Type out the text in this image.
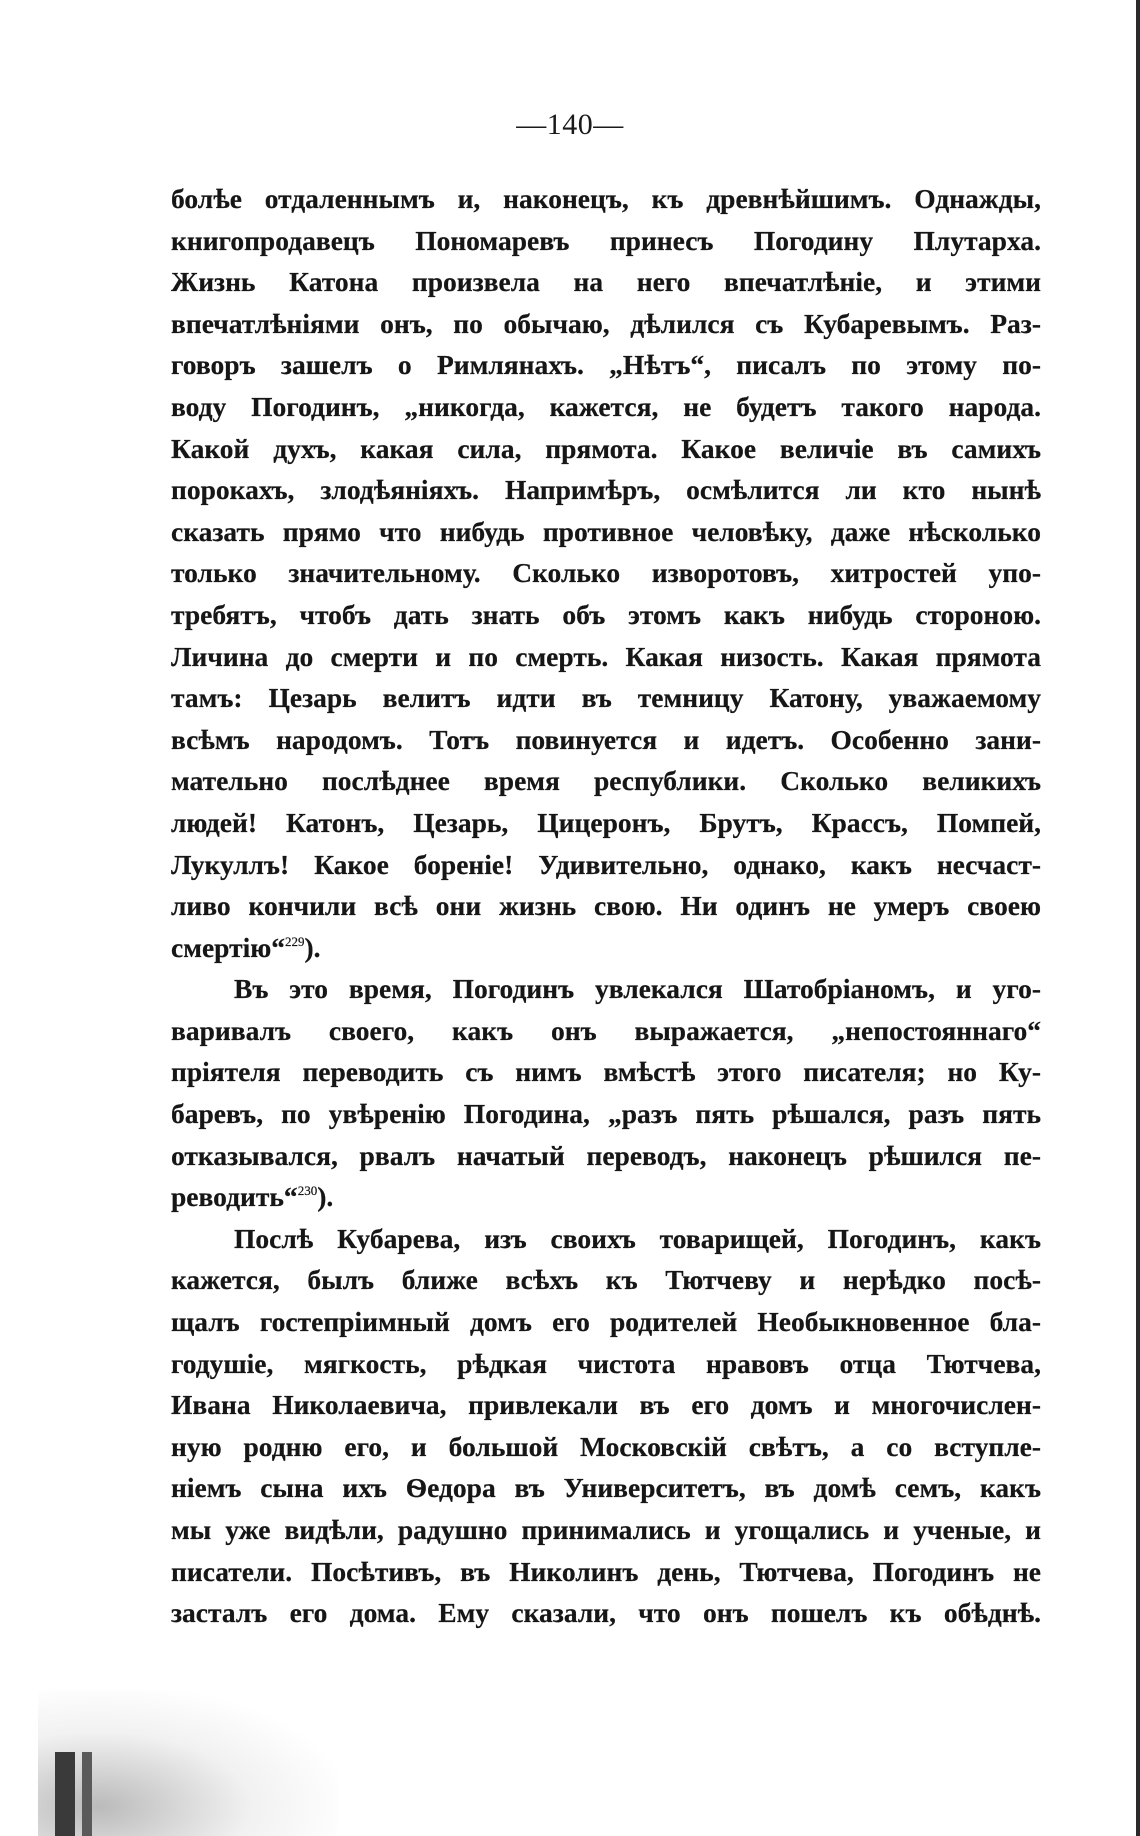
—140—
болѣе отдаленнымъ и, наконецъ, къ древнѣйшимъ. Однажды,
книгопродавецъ Пономаревъ принесъ Погодину Плутарха.
Жизнь Катона произвела на него впечатлѣніе, и этими
впечатлѣніями онъ, по обычаю, дѣлился съ Кубаревымъ. Раз-
говоръ зашелъ о Римлянахъ. „Нѣтъ“, писалъ по этому по-
воду Погодинъ, „никогда, кажется, не будетъ такого народа.
Какой духъ, какая сила, прямота. Какое величіе въ самихъ
порокахъ, злодѣяніяхъ. Напримѣръ, осмѣлится ли кто нынѣ
сказать прямо что нибудь противное человѣку, даже нѣсколько
только значительному. Сколько изворотовъ, хитростей упо-
требятъ, чтобъ дать знать объ этомъ какъ нибудь стороною.
Личина до смерти и по смерть. Какая низость. Какая прямота
тамъ: Цезарь велитъ идти въ темницу Катону, уважаемому
всѣмъ народомъ. Тотъ повинуется и идетъ. Особенно зани-
мательно послѣднее время республики. Сколько великихъ
людей! Катонъ, Цезарь, Цицеронъ, Брутъ, Крассъ, Помпей,
Лукуллъ! Какое бореніе! Удивительно, однако, какъ несчаст-
ливо кончили всѣ они жизнь свою. Ни одинъ не умеръ своею
смертію“$^{229}$).
Въ это время, Погодинъ увлекался Шатобріаномъ, и уго-
варивалъ своего, какъ онъ выражается, „непостояннаго“
пріятеля переводить съ нимъ вмѣстѣ этого писателя; но Ку-
баревъ, по увѣренію Погодина, „разъ пять рѣшался, разъ пять
отказывался, рвалъ начатый переводъ, наконецъ рѣшился пе-
реводить“$^{230}$).
Послѣ Кубарева, изъ своихъ товарищей, Погодинъ, какъ
кажется, былъ ближе всѣхъ къ Тютчеву и нерѣдко посѣ-
щалъ гостепріимный домъ его родителей Необыкновенное бла-
годушіе, мягкость, рѣдкая чистота нравовъ отца Тютчева,
Ивана Николаевича, привлекали въ его домъ и многочислен-
ную родню его, и большой Московскій свѣтъ, а со вступле-
ніемъ сына ихъ Ѳедора въ Университетъ, въ домѣ семъ, какъ
мы уже видѣли, радушно принимались и угощались и ученые, и
писатели. Посѣтивъ, въ Николинъ день, Тютчева, Погодинъ не
засталъ его дома. Ему сказали, что онъ пошелъ къ обѣднѣ.
